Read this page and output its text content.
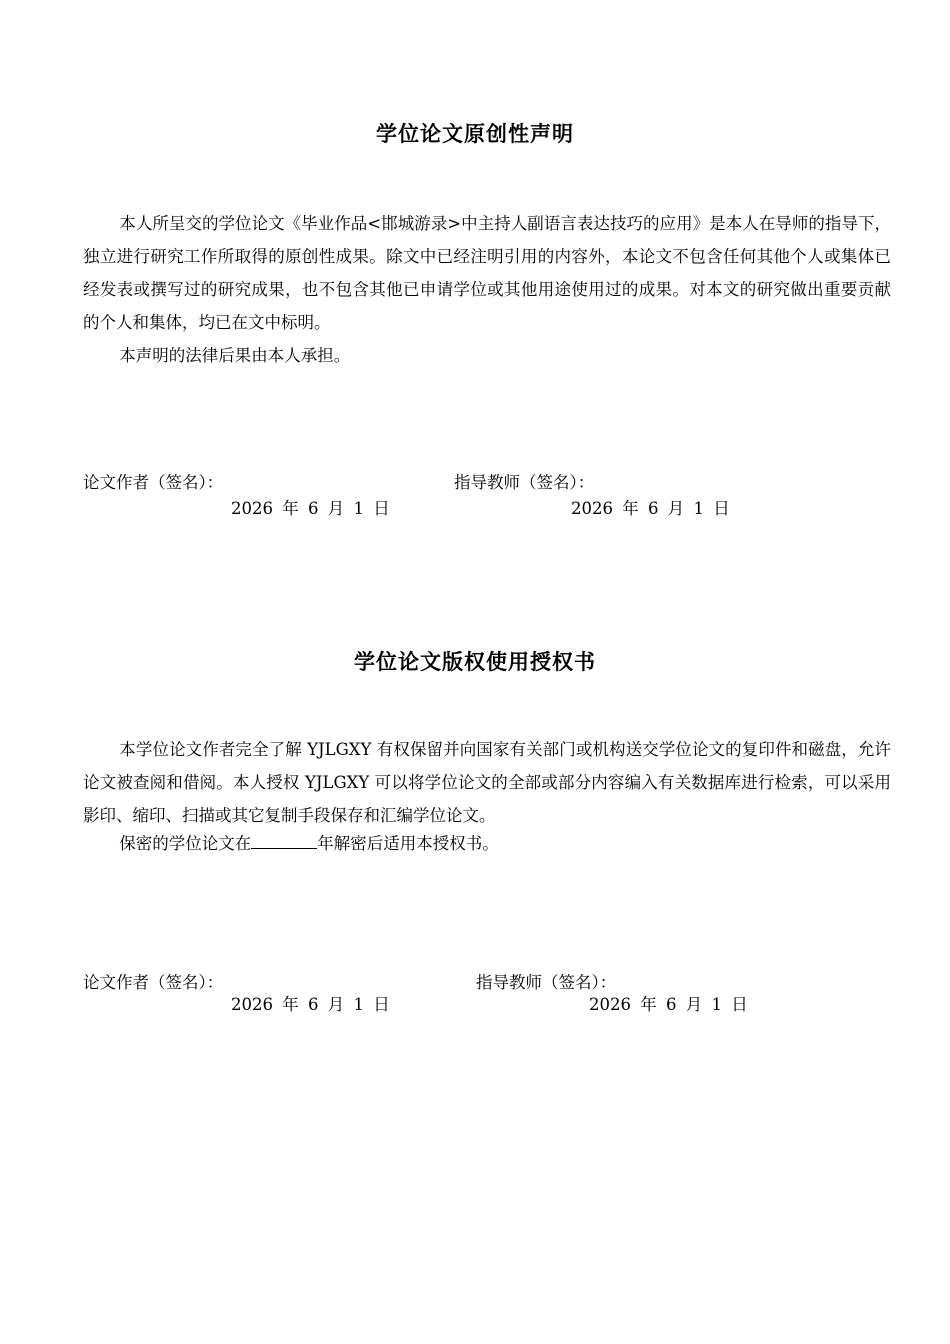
学位论文原创性声明
本人所呈交的学位论文《毕业作品<邯城游录>中主持人副语言表达技巧的应用》是本人在导师的指导下，独立进行研究工作所取得的原创性成果。除文中已经注明引用的内容外，本论文不包含任何其他个人或集体已经发表或撰写过的研究成果，也不包含其他已申请学位或其他用途使用过的成果。对本文的研究做出重要贡献的个人和集体，均已在文中标明。
本声明的法律后果由本人承担。
论文作者（签名）：	指导教师（签名）：
2026 年 6 月 1 日	2026 年 6 月 1 日
学位论文版权使用授权书
本学位论文作者完全了解 YJLGXY 有权保留并向国家有关部门或机构送交学位论文的复印件和磁盘，允许论文被查阅和借阅。本人授权 YJLGXY 可以将学位论文的全部或部分内容编入有关数据库进行检索，可以采用影印、缩印、扫描或其它复制手段保存和汇编学位论文。
保密的学位论文在	年解密后适用本授权书。
论文作者（签名）：	指导教师（签名）：
2026 年 6 月 1 日	2026 年 6 月 1 日
